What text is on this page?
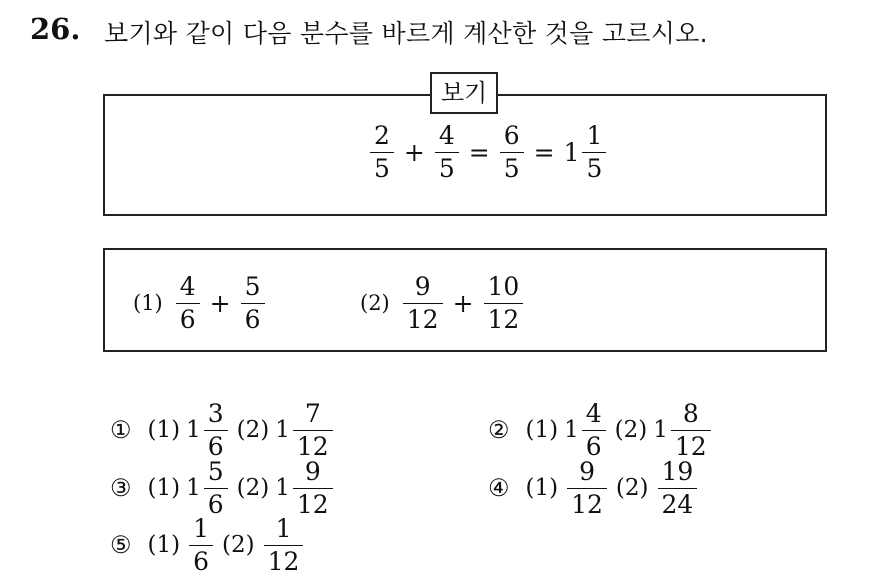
26. 보기와 같이 다음 분수를 바르게 계산한 것을 고르시오.
$\frac{2}{5} + \frac{4}{5} = \frac{6}{5} = 1 \frac{1}{5}$
보기
$(1) \frac{4}{6} + \frac{5}{6}$	$(2) \frac{9}{12} + \frac{10}{12}$
① (1) $1 \frac{3}{6} (2)$ $1 \frac{7}{12}$	② (1) $1 \frac{4}{6} (2)$ $1 \frac{8}{12}$
③ (1) $1 \frac{5}{6} (2)$ $1 \frac{9}{12}$	④ $(1) \frac{9}{12} (2) \frac{19}{24}$
⑤ $(1) \frac{1}{6} (2) \frac{1}{12}$
